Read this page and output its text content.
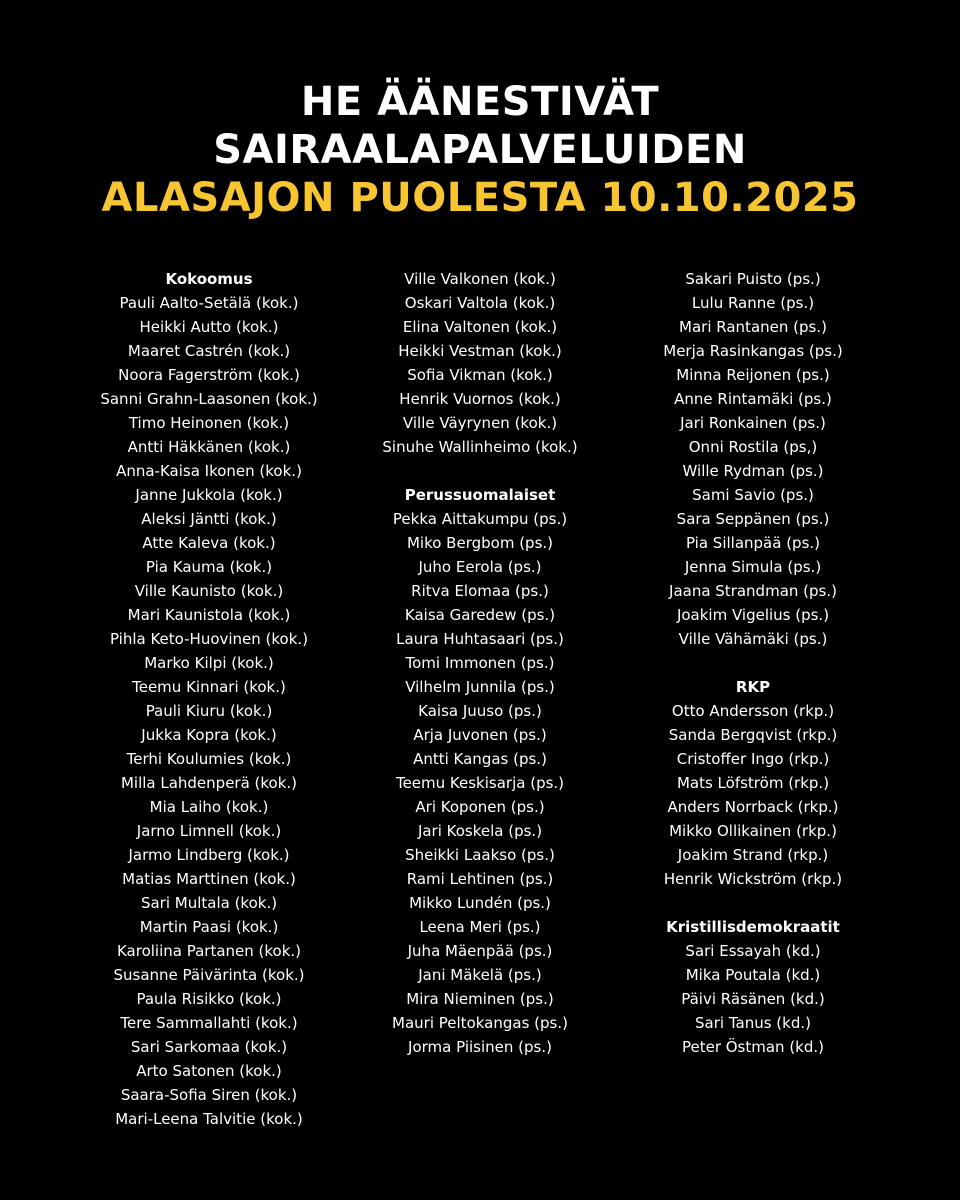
HE ÄÄNESTIVÄT
SAIRAALAPALVELUIDEN
ALASAJON PUOLESTA 10.10.2025
Kokoomus
Pauli Aalto-Setälä (kok.)
Heikki Autto (kok.)
Maaret Castrén (kok.)
Noora Fagerström (kok.)
Sanni Grahn-Laasonen (kok.)
Timo Heinonen (kok.)
Antti Häkkänen (kok.)
Anna-Kaisa Ikonen (kok.)
Janne Jukkola (kok.)
Aleksi Jäntti (kok.)
Atte Kaleva (kok.)
Pia Kauma (kok.)
Ville Kaunisto (kok.)
Mari Kaunistola (kok.)
Pihla Keto-Huovinen (kok.)
Marko Kilpi (kok.)
Teemu Kinnari (kok.)
Pauli Kiuru (kok.)
Jukka Kopra (kok.)
Terhi Koulumies (kok.)
Milla Lahdenperä (kok.)
Mia Laiho (kok.)
Jarno Limnell (kok.)
Jarmo Lindberg (kok.)
Matias Marttinen (kok.)
Sari Multala (kok.)
Martin Paasi (kok.)
Karoliina Partanen (kok.)
Susanne Päivärinta (kok.)
Paula Risikko (kok.)
Tere Sammallahti (kok.)
Sari Sarkomaa (kok.)
Arto Satonen (kok.)
Saara-Sofia Siren (kok.)
Mari-Leena Talvitie (kok.)
Ville Valkonen (kok.)
Oskari Valtola (kok.)
Elina Valtonen (kok.)
Heikki Vestman (kok.)
Sofia Vikman (kok.)
Henrik Vuornos (kok.)
Ville Väyrynen (kok.)
Sinuhe Wallinheimo (kok.)
Perussuomalaiset
Pekka Aittakumpu (ps.)
Miko Bergbom (ps.)
Juho Eerola (ps.)
Ritva Elomaa (ps.)
Kaisa Garedew (ps.)
Laura Huhtasaari (ps.)
Tomi Immonen (ps.)
Vilhelm Junnila (ps.)
Kaisa Juuso (ps.)
Arja Juvonen (ps.)
Antti Kangas (ps.)
Teemu Keskisarja (ps.)
Ari Koponen (ps.)
Jari Koskela (ps.)
Sheikki Laakso (ps.)
Rami Lehtinen (ps.)
Mikko Lundén (ps.)
Leena Meri (ps.)
Juha Mäenpää (ps.)
Jani Mäkelä (ps.)
Mira Nieminen (ps.)
Mauri Peltokangas (ps.)
Jorma Piisinen (ps.)
Sakari Puisto (ps.)
Lulu Ranne (ps.)
Mari Rantanen (ps.)
Merja Rasinkangas (ps.)
Minna Reijonen (ps.)
Anne Rintamäki (ps.)
Jari Ronkainen (ps.)
Onni Rostila (ps,)
Wille Rydman (ps.)
Sami Savio (ps.)
Sara Seppänen (ps.)
Pia Sillanpää (ps.)
Jenna Simula (ps.)
Jaana Strandman (ps.)
Joakim Vigelius (ps.)
Ville Vähämäki (ps.)
RKP
Otto Andersson (rkp.)
Sanda Bergqvist (rkp.)
Cristoffer Ingo (rkp.)
Mats Löfström (rkp.)
Anders Norrback (rkp.)
Mikko Ollikainen (rkp.)
Joakim Strand (rkp.)
Henrik Wickström (rkp.)
Kristillisdemokraatit
Sari Essayah (kd.)
Mika Poutala (kd.)
Päivi Räsänen (kd.)
Sari Tanus (kd.)
Peter Östman (kd.)
